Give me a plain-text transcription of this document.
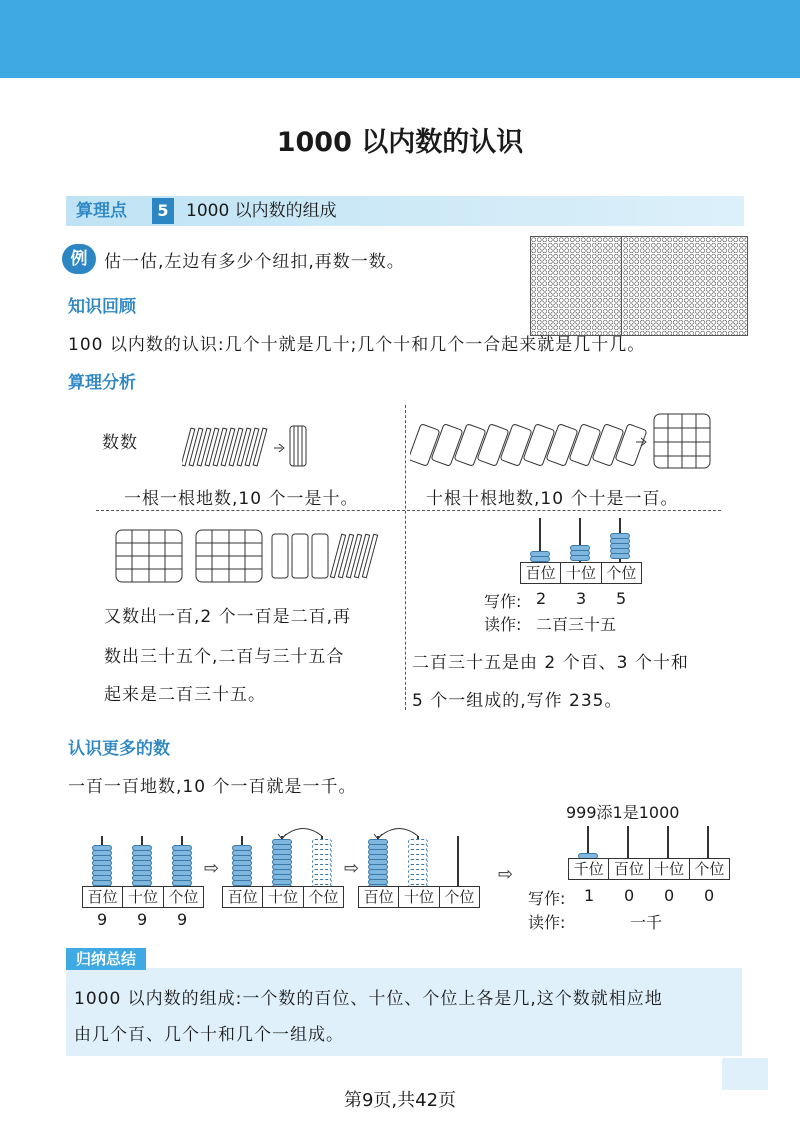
1000 以内数的认识
算理点	5	1000 以内数的组成
例 估一估,左边有多少个纽扣,再数一数。
知识回顾
100 以内数的认识:几个十就是几十;几个十和几个一合起来就是几十几。
算理分析
数数
一根一根地数,10 个一是十。	十根十根地数,10 个十是一百。
又数出一百,2 个一百是二百,再
数出三十五个,二百与三十五合
起来是二百三十五。
百位 十位 个位
写作: 2 3 5
读作: 二百三十五
二百三十五是由 2 个百、3 个十和
5 个一组成的,写作 235。
认识更多的数
一百一百地数,10 个一百就是一千。
999添1是1000
百位 十位 个位
9 9 9
⇨
百位 十位 个位
⇨
百位 十位 个位
⇨	千位 百位 十位 个位
写作: 1 0 0 0
读作:	一千
归纳总结
1000 以内数的组成:一个数的百位、十位、个位上各是几,这个数就相应地
由几个百、几个十和几个一组成。
第9页,共42页
